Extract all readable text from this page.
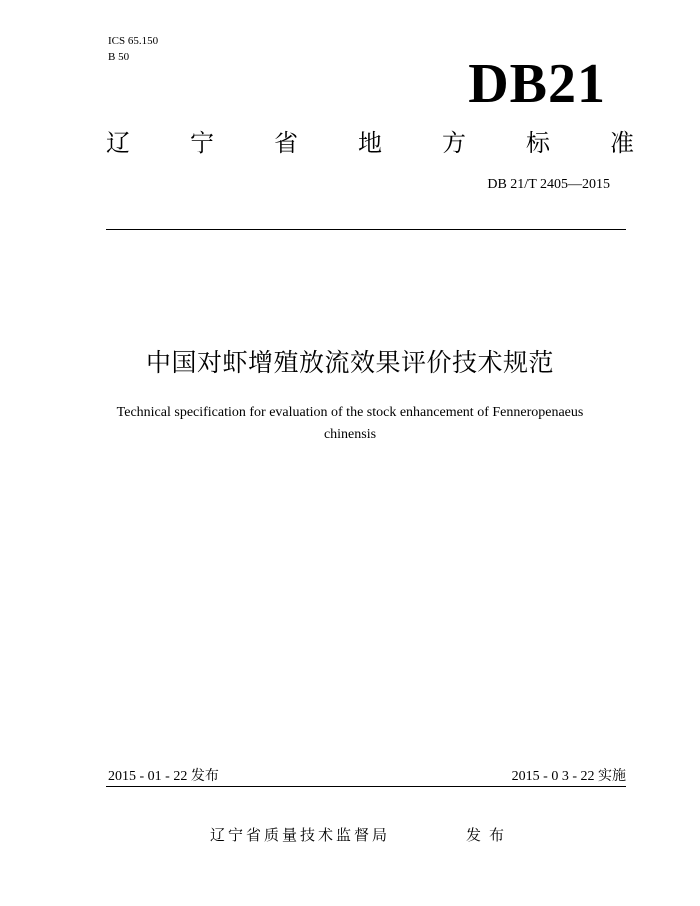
ICS 65.150
B 50	DB21
辽	宁	省	地	方	标	准
DB 21/T 2405—2015
中国对虾增殖放流效果评价技术规范
Technical specification for evaluation of the stock enhancement of Fenneropenaeus
chinensis
2015 - 01 - 22 发布	2015 - 0 3 - 22 实施
辽宁省质量技术监督局	发布
